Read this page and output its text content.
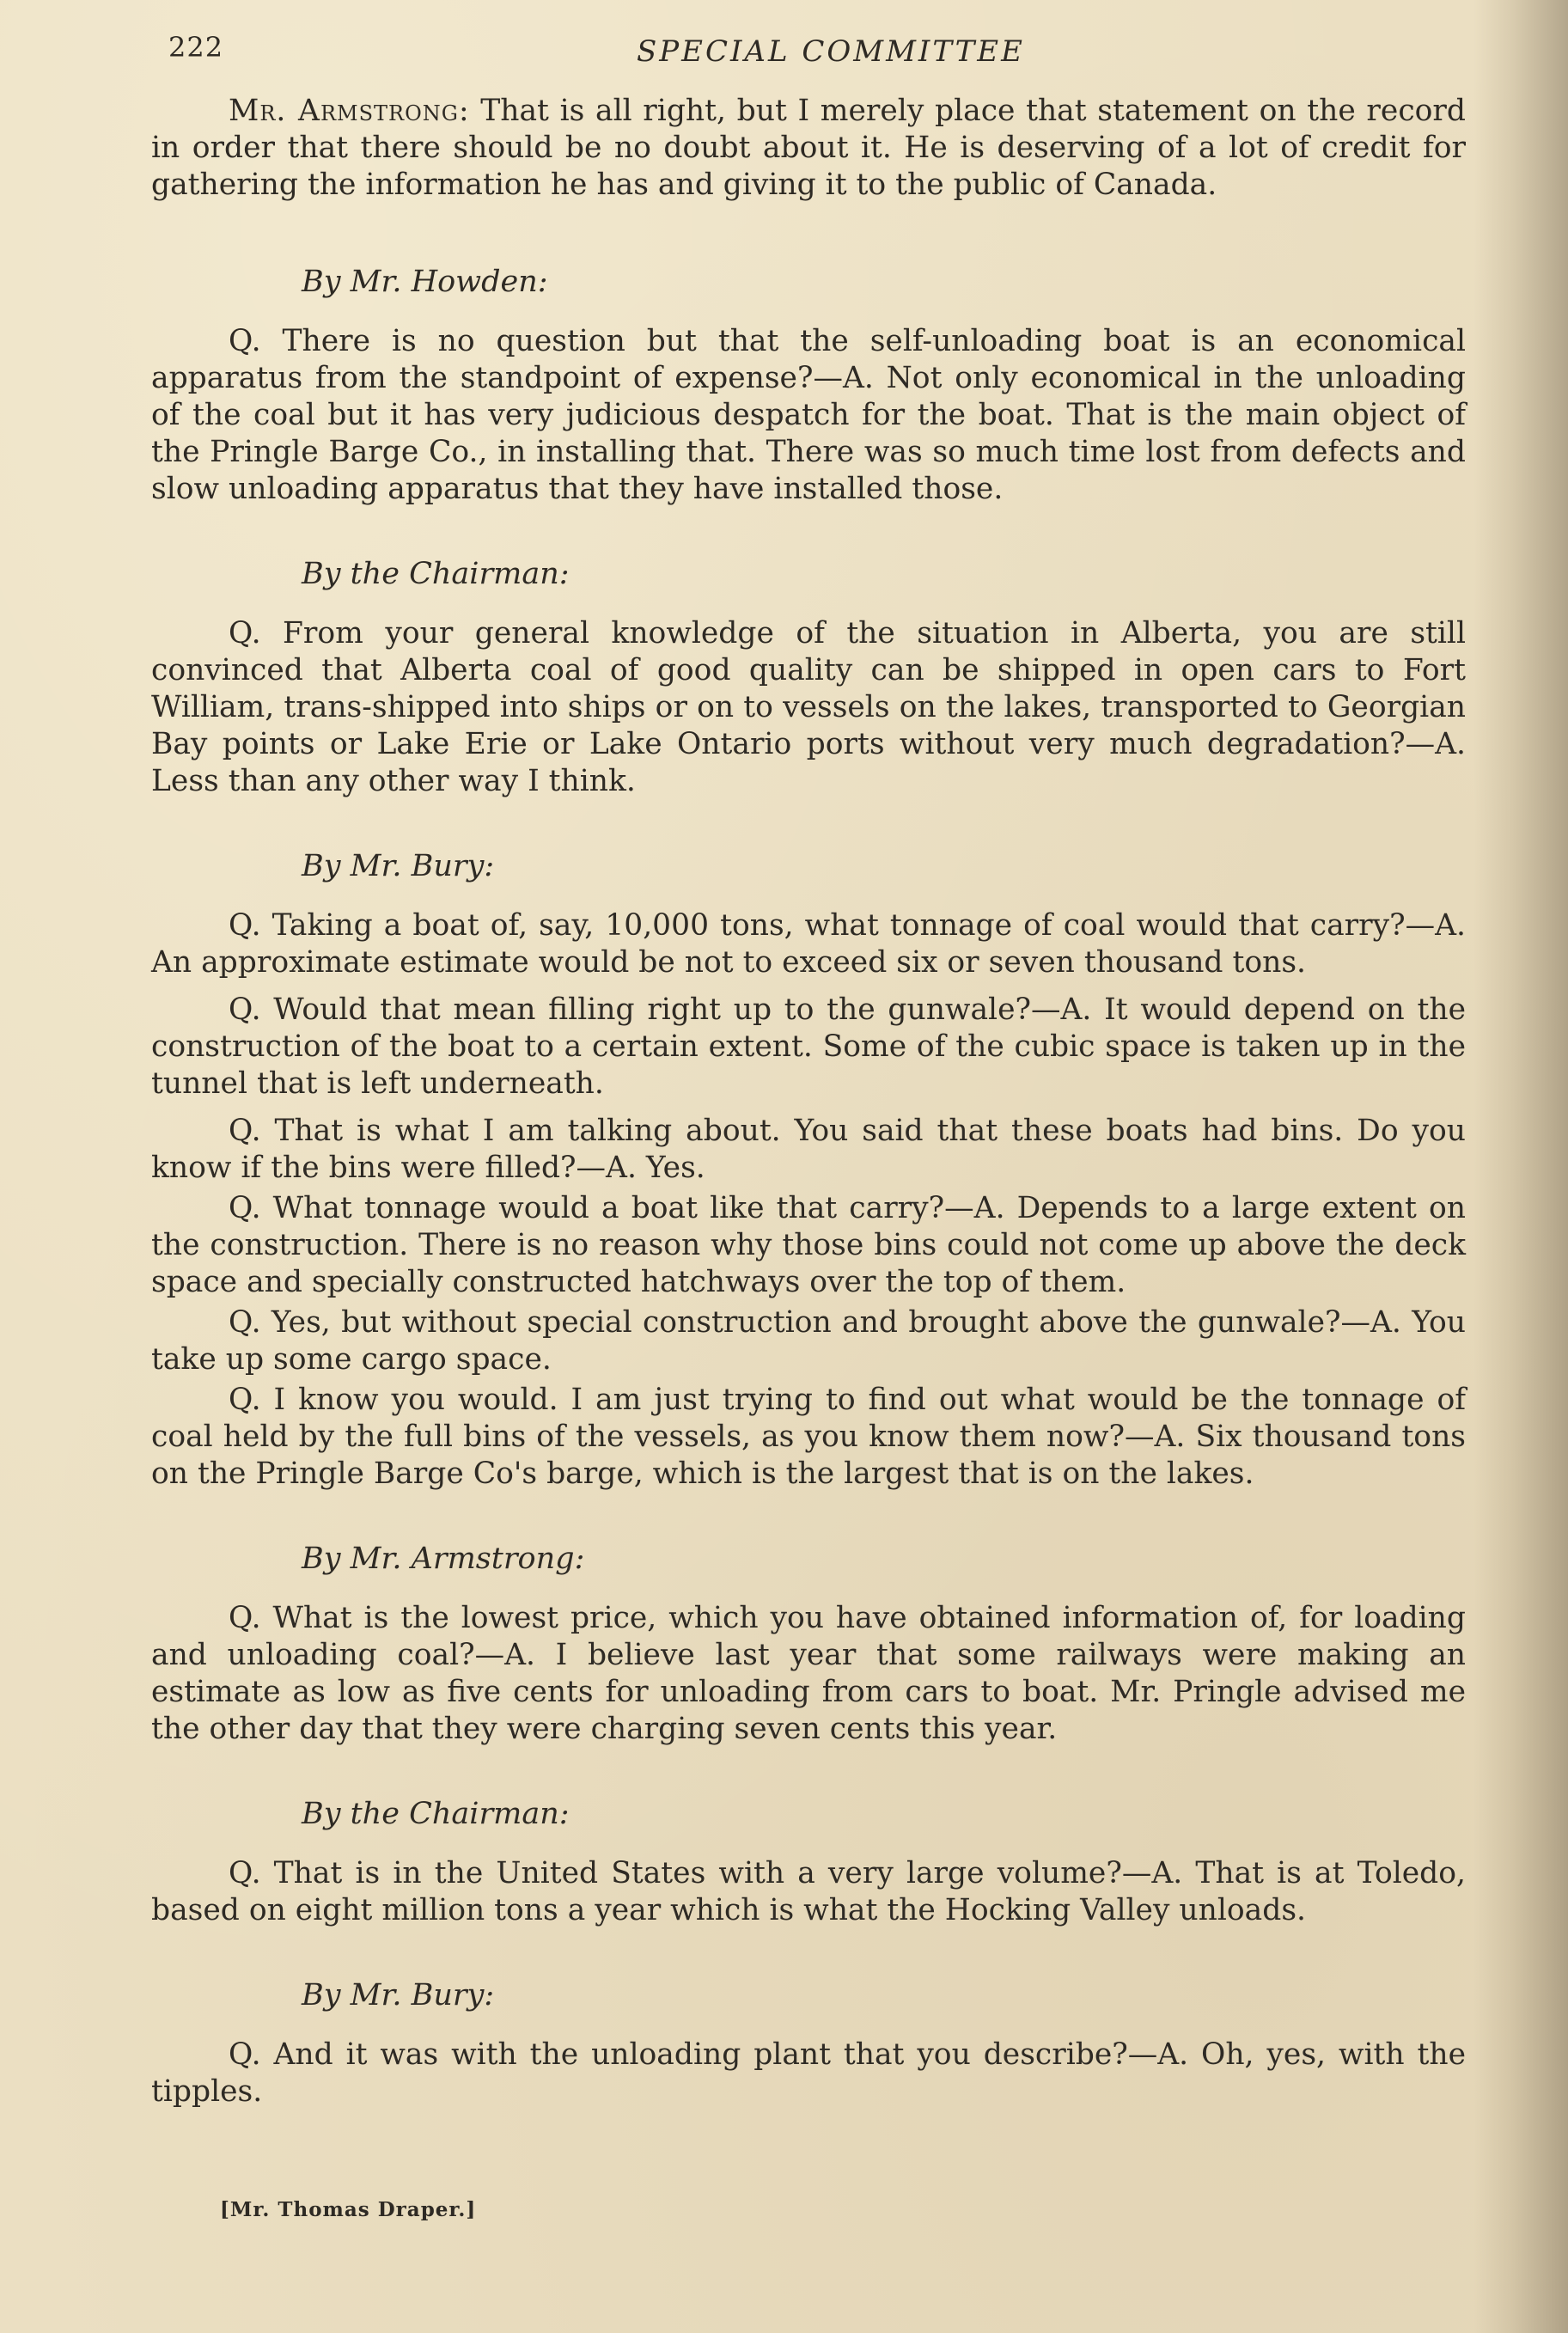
222	SPECIAL COMMITTEE

Mr. Armstrong: That is all right, but I merely place that statement on the record in order that there should be no doubt about it. He is deserving of a lot of credit for gathering the information he has and giving it to the public of Canada.

By Mr. Howden:

Q. There is no question but that the self-unloading boat is an economical apparatus from the standpoint of expense?—A. Not only economical in the unloading of the coal but it has very judicious despatch for the boat. That is the main object of the Pringle Barge Co., in installing that. There was so much time lost from defects and slow unloading apparatus that they have installed those.

By the Chairman:

Q. From your general knowledge of the situation in Alberta, you are still convinced that Alberta coal of good quality can be shipped in open cars to Fort William, trans-shipped into ships or on to vessels on the lakes, transported to Georgian Bay points or Lake Erie or Lake Ontario ports without very much degradation?—A. Less than any other way I think.

By Mr. Bury:

Q. Taking a boat of, say, 10,000 tons, what tonnage of coal would that carry?—A. An approximate estimate would be not to exceed six or seven thousand tons.

Q. Would that mean filling right up to the gunwale?—A. It would depend on the construction of the boat to a certain extent. Some of the cubic space is taken up in the tunnel that is left underneath.

Q. That is what I am talking about. You said that these boats had bins. Do you know if the bins were filled?—A. Yes.

Q. What tonnage would a boat like that carry?—A. Depends to a large extent on the construction. There is no reason why those bins could not come up above the deck space and specially constructed hatchways over the top of them.

Q. Yes, but without special construction and brought above the gunwale?—A. You take up some cargo space.

Q. I know you would. I am just trying to find out what would be the tonnage of coal held by the full bins of the vessels, as you know them now?—A. Six thousand tons on the Pringle Barge Co's barge, which is the largest that is on the lakes.

By Mr. Armstrong:

Q. What is the lowest price, which you have obtained information of, for loading and unloading coal?—A. I believe last year that some railways were making an estimate as low as five cents for unloading from cars to boat. Mr. Pringle advised me the other day that they were charging seven cents this year.

By the Chairman:

Q. That is in the United States with a very large volume?—A. That is at Toledo, based on eight million tons a year which is what the Hocking Valley unloads.

By Mr. Bury:

Q. And it was with the unloading plant that you describe?—A. Oh, yes, with the tipples.

[Mr. Thomas Draper.]
